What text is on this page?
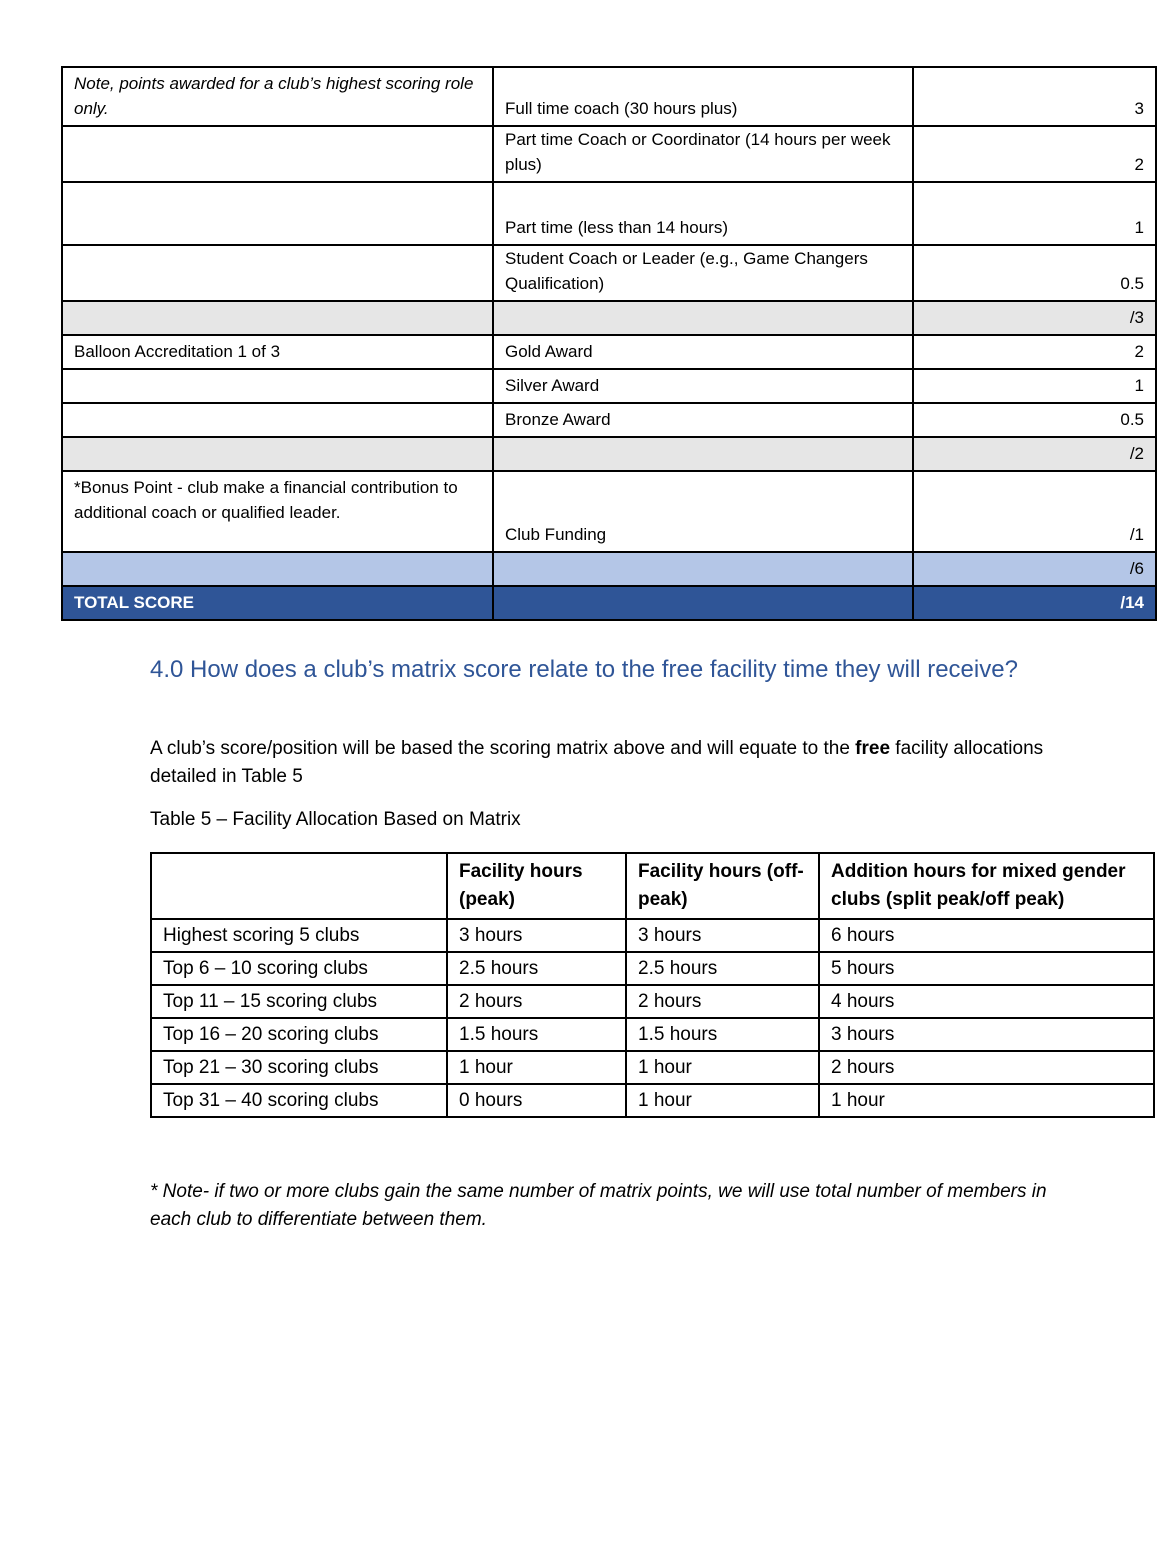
Note, points awarded for a club’s highest scoring role only.	Full time coach (30 hours plus)	3
	Part time Coach or Coordinator (14 hours per week plus)	2
	Part time (less than 14 hours)	1
	Student Coach or Leader (e.g., Game Changers Qualification)	0.5
		/3
Balloon Accreditation 1 of 3	Gold Award	2
	Silver Award	1
	Bronze Award	0.5
		/2
*Bonus Point - club make a financial contribution to additional coach or qualified leader.	Club Funding	/1
		/6
TOTAL SCORE		/14
4.0 How does a club’s matrix score relate to the free facility time they will receive?

A club’s score/position will be based the scoring matrix above and will equate to the free facility allocations detailed in Table 5

Table 5 – Facility Allocation Based on Matrix

	Facility hours (peak)	Facility hours (off-peak)	Addition hours for mixed gender clubs (split peak/off peak)
Highest scoring 5 clubs	3 hours	3 hours	6 hours
Top 6 – 10 scoring clubs	2.5 hours	2.5 hours	5 hours
Top 11 – 15 scoring clubs	2 hours	2 hours	4 hours
Top 16 – 20 scoring clubs	1.5 hours	1.5 hours	3 hours
Top 21 – 30 scoring clubs	1 hour	1 hour	2 hours
Top 31 – 40 scoring clubs	0 hours	1 hour	1 hour

* Note- if two or more clubs gain the same number of matrix points, we will use total number of members in each club to differentiate between them.
